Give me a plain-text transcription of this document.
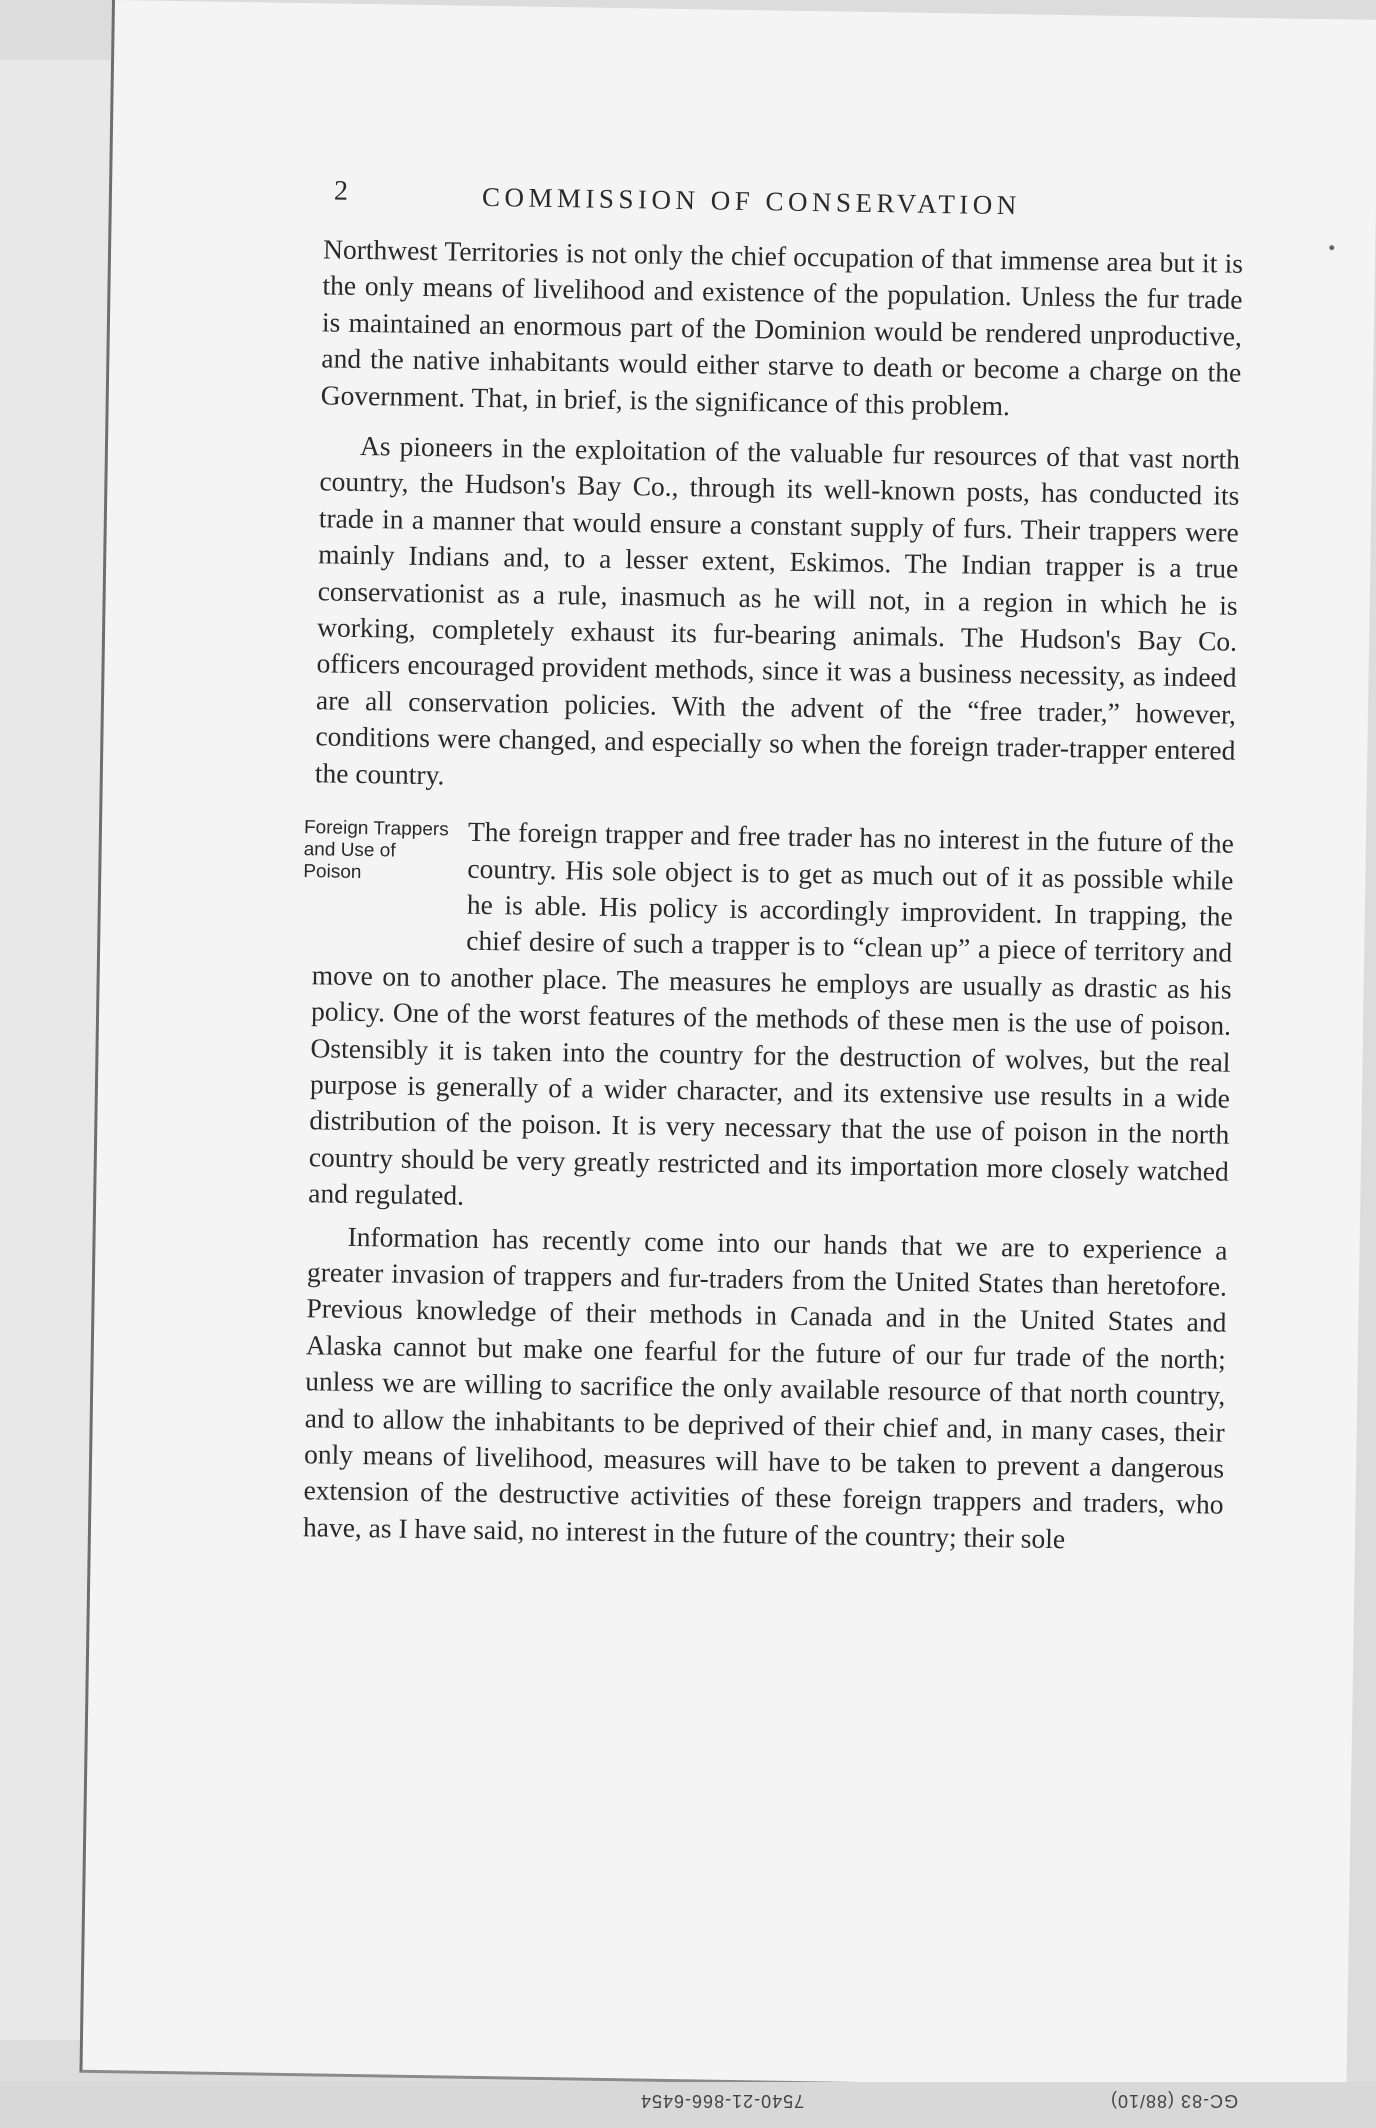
2	COMMISSION OF CONSERVATION

Northwest Territories is not only the chief occupation of that immense area but it is the only means of livelihood and existence of the population. Unless the fur trade is maintained an enormous part of the Dominion would be rendered unproductive, and the native inhabitants would either starve to death or become a charge on the Government. That, in brief, is the significance of this problem.

As pioneers in the exploitation of the valuable fur resources of that vast north country, the Hudson's Bay Co., through its well-known posts, has conducted its trade in a manner that would ensure a constant supply of furs. Their trappers were mainly Indians and, to a lesser extent, Eskimos. The Indian trapper is a true conservationist as a rule, inasmuch as he will not, in a region in which he is working, completely exhaust its fur-bearing animals. The Hudson's Bay Co. officers encouraged provident methods, since it was a business necessity, as indeed are all conservation policies. With the advent of the “free trader,” however, conditions were changed, and especially so when the foreign trader-trapper entered the country.

Foreign Trappers and Use of Poison

The foreign trapper and free trader has no interest in the future of the country. His sole object is to get as much out of it as possible while he is able. His policy is accordingly improvident. In trapping, the chief desire of such a trapper is to “clean up” a piece of territory and move on to another place. The measures he employs are usually as drastic as his policy. One of the worst features of the methods of these men is the use of poison. Ostensibly it is taken into the country for the destruction of wolves, but the real purpose is generally of a wider character, and its extensive use results in a wide distribution of the poison. It is very necessary that the use of poison in the north country should be very greatly restricted and its importation more closely watched and regulated.

Information has recently come into our hands that we are to experience a greater invasion of trappers and fur-traders from the United States than heretofore. Previous knowledge of their methods in Canada and in the United States and Alaska cannot but make one fearful for the future of our fur trade of the north; unless we are willing to sacrifice the only available resource of that north country, and to allow the inhabitants to be deprived of their chief and, in many cases, their only means of livelihood, measures will have to be taken to prevent a dangerous extension of the destructive activities of these foreign trappers and traders, who have, as I have said, no interest in the future of the country; their sole

7540-21-866-6454	GC-83 (88/10)
